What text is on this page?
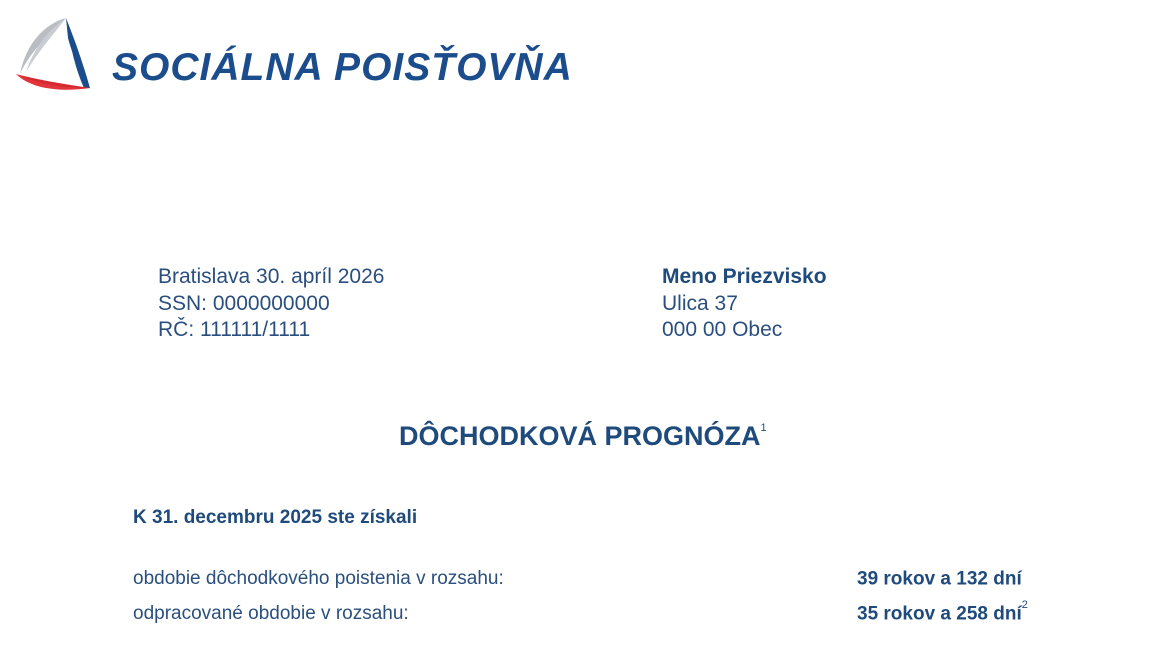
SOCIÁLNA POISŤOVŇA
Bratislava 30. apríl 2026
SSN: 0000000000
RČ: 111111/1111
Meno Priezvisko
Ulica 37
000 00 Obec
DÔCHODKOVÁ PROGNÓZA$^1$
K 31. decembru 2025 ste získali
obdobie dôchodkového poistenia v rozsahu:	39 rokov a 132 dní
odpracované obdobie v rozsahu:	35 rokov a 258 dní$^2$
